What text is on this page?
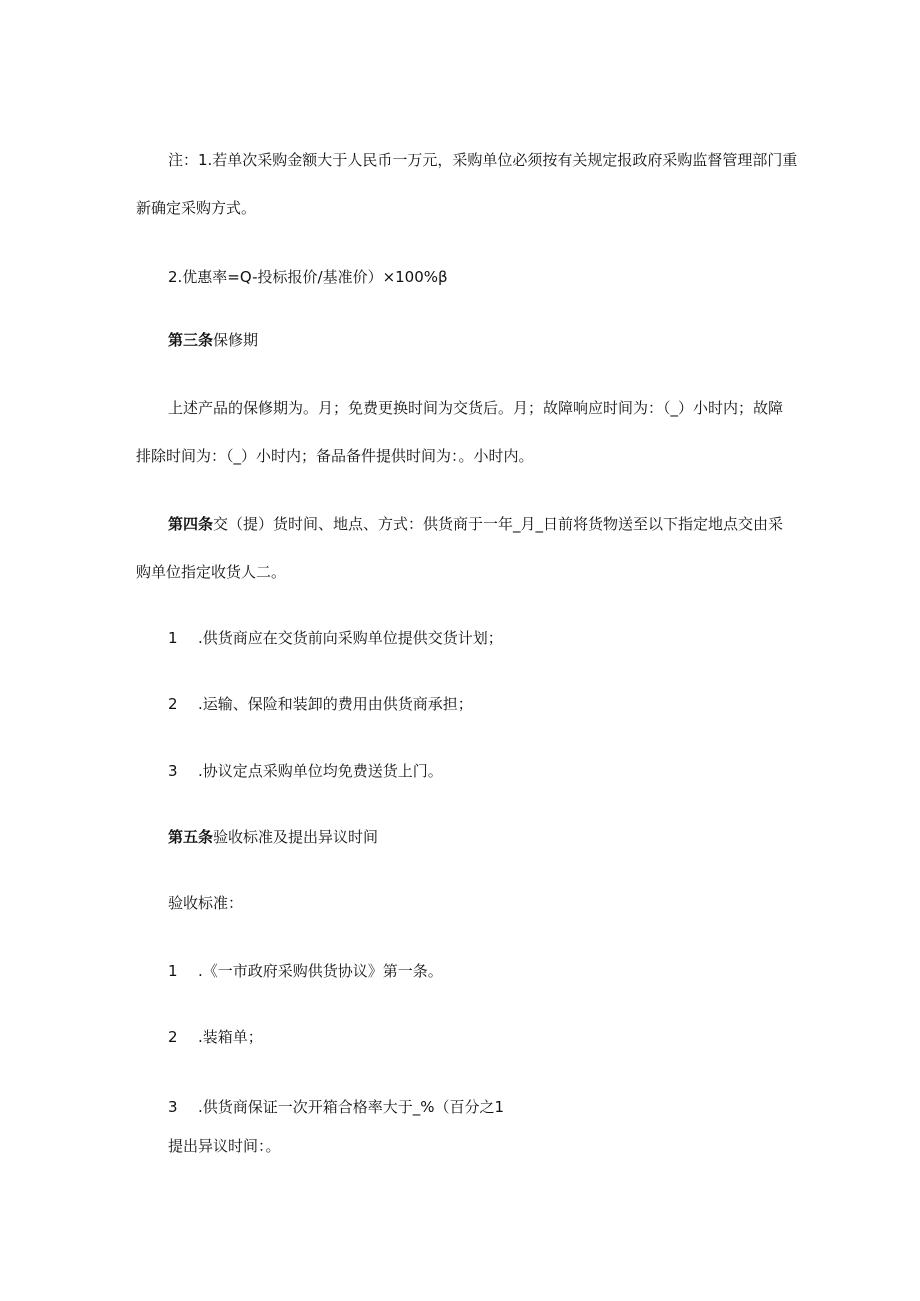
注：1.若单次采购金额大于人民币一万元，采购单位必须按有关规定报政府采购监督管理部门重
新确定采购方式。
2.优惠率=Q-投标报价/基准价）×100%β
第三条保修期
上述产品的保修期为。月；免费更换时间为交货后。月；故障响应时间为：（_）小时内；故障
排除时间为：（_）小时内；备品备件提供时间为：。小时内。
第四条交（提）货时间、地点、方式：供货商于一年_月_日前将货物送至以下指定地点交由采
购单位指定收货人二。
1 .供货商应在交货前向采购单位提供交货计划；
2 .运输、保险和装卸的费用由供货商承担；
3 .协议定点采购单位均免费送货上门。
第五条验收标准及提出异议时间
验收标准：
1 .《一市政府采购供货协议》第一条。
2 .装箱单；
3 .供货商保证一次开箱合格率大于_%（百分之1
提出异议时间：。
